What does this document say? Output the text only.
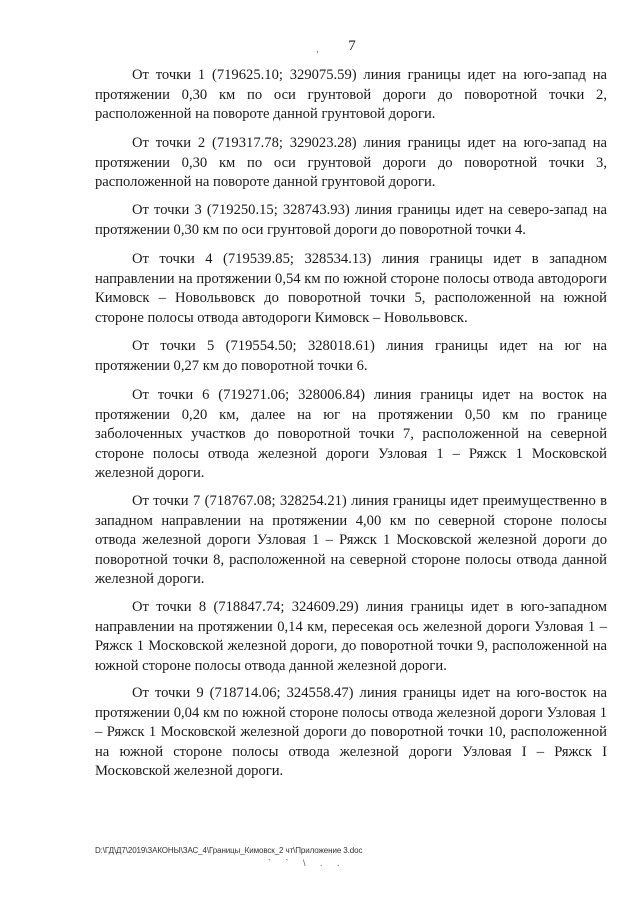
,	7

От точки 1 (719625.10; 329075.59) линия границы идет на юго-запад на протяжении 0,30 км по оси грунтовой дороги до поворотной точки 2, расположенной на повороте данной грунтовой дороги.

От точки 2 (719317.78; 329023.28) линия границы идет на юго-запад на протяжении 0,30 км по оси грунтовой дороги до поворотной точки 3, расположенной на повороте данной грунтовой дороги.

От точки 3 (719250.15; 328743.93) линия границы идет на северо-запад на протяжении 0,30 км по оси грунтовой дороги до поворотной точки 4.

От точки 4 (719539.85; 328534.13) линия границы идет в западном направлении на протяжении 0,54 км по южной стороне полосы отвода автодороги Кимовск – Новольвовск до поворотной точки 5, расположенной на южной стороне полосы отвода автодороги Кимовск – Новольвовск.

От точки 5 (719554.50; 328018.61) линия границы идет на юг на протяжении 0,27 км до поворотной точки 6.

От точки 6 (719271.06; 328006.84) линия границы идет на восток на протяжении 0,20 км, далее на юг на протяжении 0,50 км по границе заболоченных участков до поворотной точки 7, расположенной на северной стороне полосы отвода железной дороги Узловая 1 – Ряжск 1 Московской железной дороги.

От точки 7 (718767.08; 328254.21) линия границы идет преимущественно в западном направлении на протяжении 4,00 км по северной стороне полосы отвода железной дороги Узловая 1 – Ряжск 1 Московской железной дороги до поворотной точки 8, расположенной на северной стороне полосы отвода данной железной дороги.

От точки 8 (718847.74; 324609.29) линия границы идет в юго-западном направлении на протяжении 0,14 км, пересекая ось железной дороги Узловая 1 – Ряжск 1 Московской железной дороги, до поворотной точки 9, расположенной на южной стороне полосы отвода данной железной дороги.

От точки 9 (718714.06; 324558.47) линия границы идет на юго-восток на протяжении 0,04 км по южной стороне полосы отвода железной дороги Узловая 1 – Ряжск 1 Московской железной дороги до поворотной точки 10, расположенной на южной стороне полосы отвода железной дороги Узловая I – Ряжск I Московской железной дороги.

D:\ГД\Д7\2019\ЗАКОНЫ\ЗАС_4\Границы_Кимовск_2 чт\Приложение 3.doc
` ` \ . .
